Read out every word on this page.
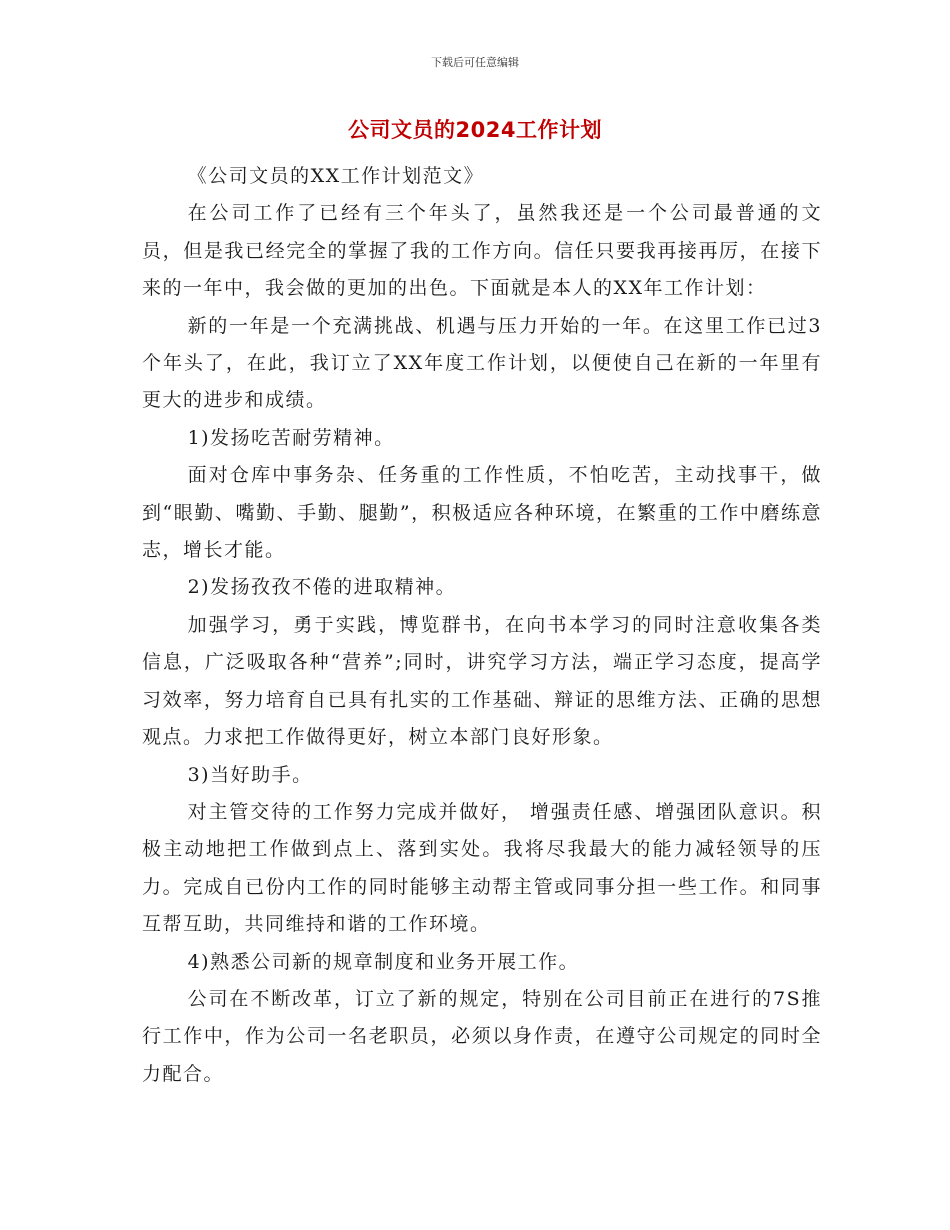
下载后可任意编辑
公司文员的2024工作计划

《公司文员的XX工作计划范文》

在公司工作了已经有三个年头了，虽然我还是一个公司最普通的文员，但是我已经完全的掌握了我的工作方向。信任只要我再接再厉，在接下来的一年中，我会做的更加的出色。下面就是本人的XX年工作计划：

新的一年是一个充满挑战、机遇与压力开始的一年。在这里工作已过3个年头了，在此，我订立了XX年度工作计划，以便使自己在新的一年里有更大的进步和成绩。

1)发扬吃苦耐劳精神。

面对仓库中事务杂、任务重的工作性质，不怕吃苦，主动找事干，做到“眼勤、嘴勤、手勤、腿勤”，积极适应各种环境，在繁重的工作中磨练意志，增长才能。

2)发扬孜孜不倦的进取精神。

加强学习，勇于实践，博览群书，在向书本学习的同时注意收集各类信息，广泛吸取各种“营养”;同时，讲究学习方法，端正学习态度，提高学习效率，努力培育自已具有扎实的工作基础、辩证的思维方法、正确的思想观点。力求把工作做得更好，树立本部门良好形象。

3)当好助手。

对主管交待的工作努力完成并做好， 增强责任感、增强团队意识。积极主动地把工作做到点上、落到实处。我将尽我最大的能力减轻领导的压力。完成自已份内工作的同时能够主动帮主管或同事分担一些工作。和同事互帮互助，共同维持和谐的工作环境。

4)熟悉公司新的规章制度和业务开展工作。

公司在不断改革，订立了新的规定，特别在公司目前正在进行的7S推行工作中，作为公司一名老职员，必须以身作责，在遵守公司规定的同时全力配合。
